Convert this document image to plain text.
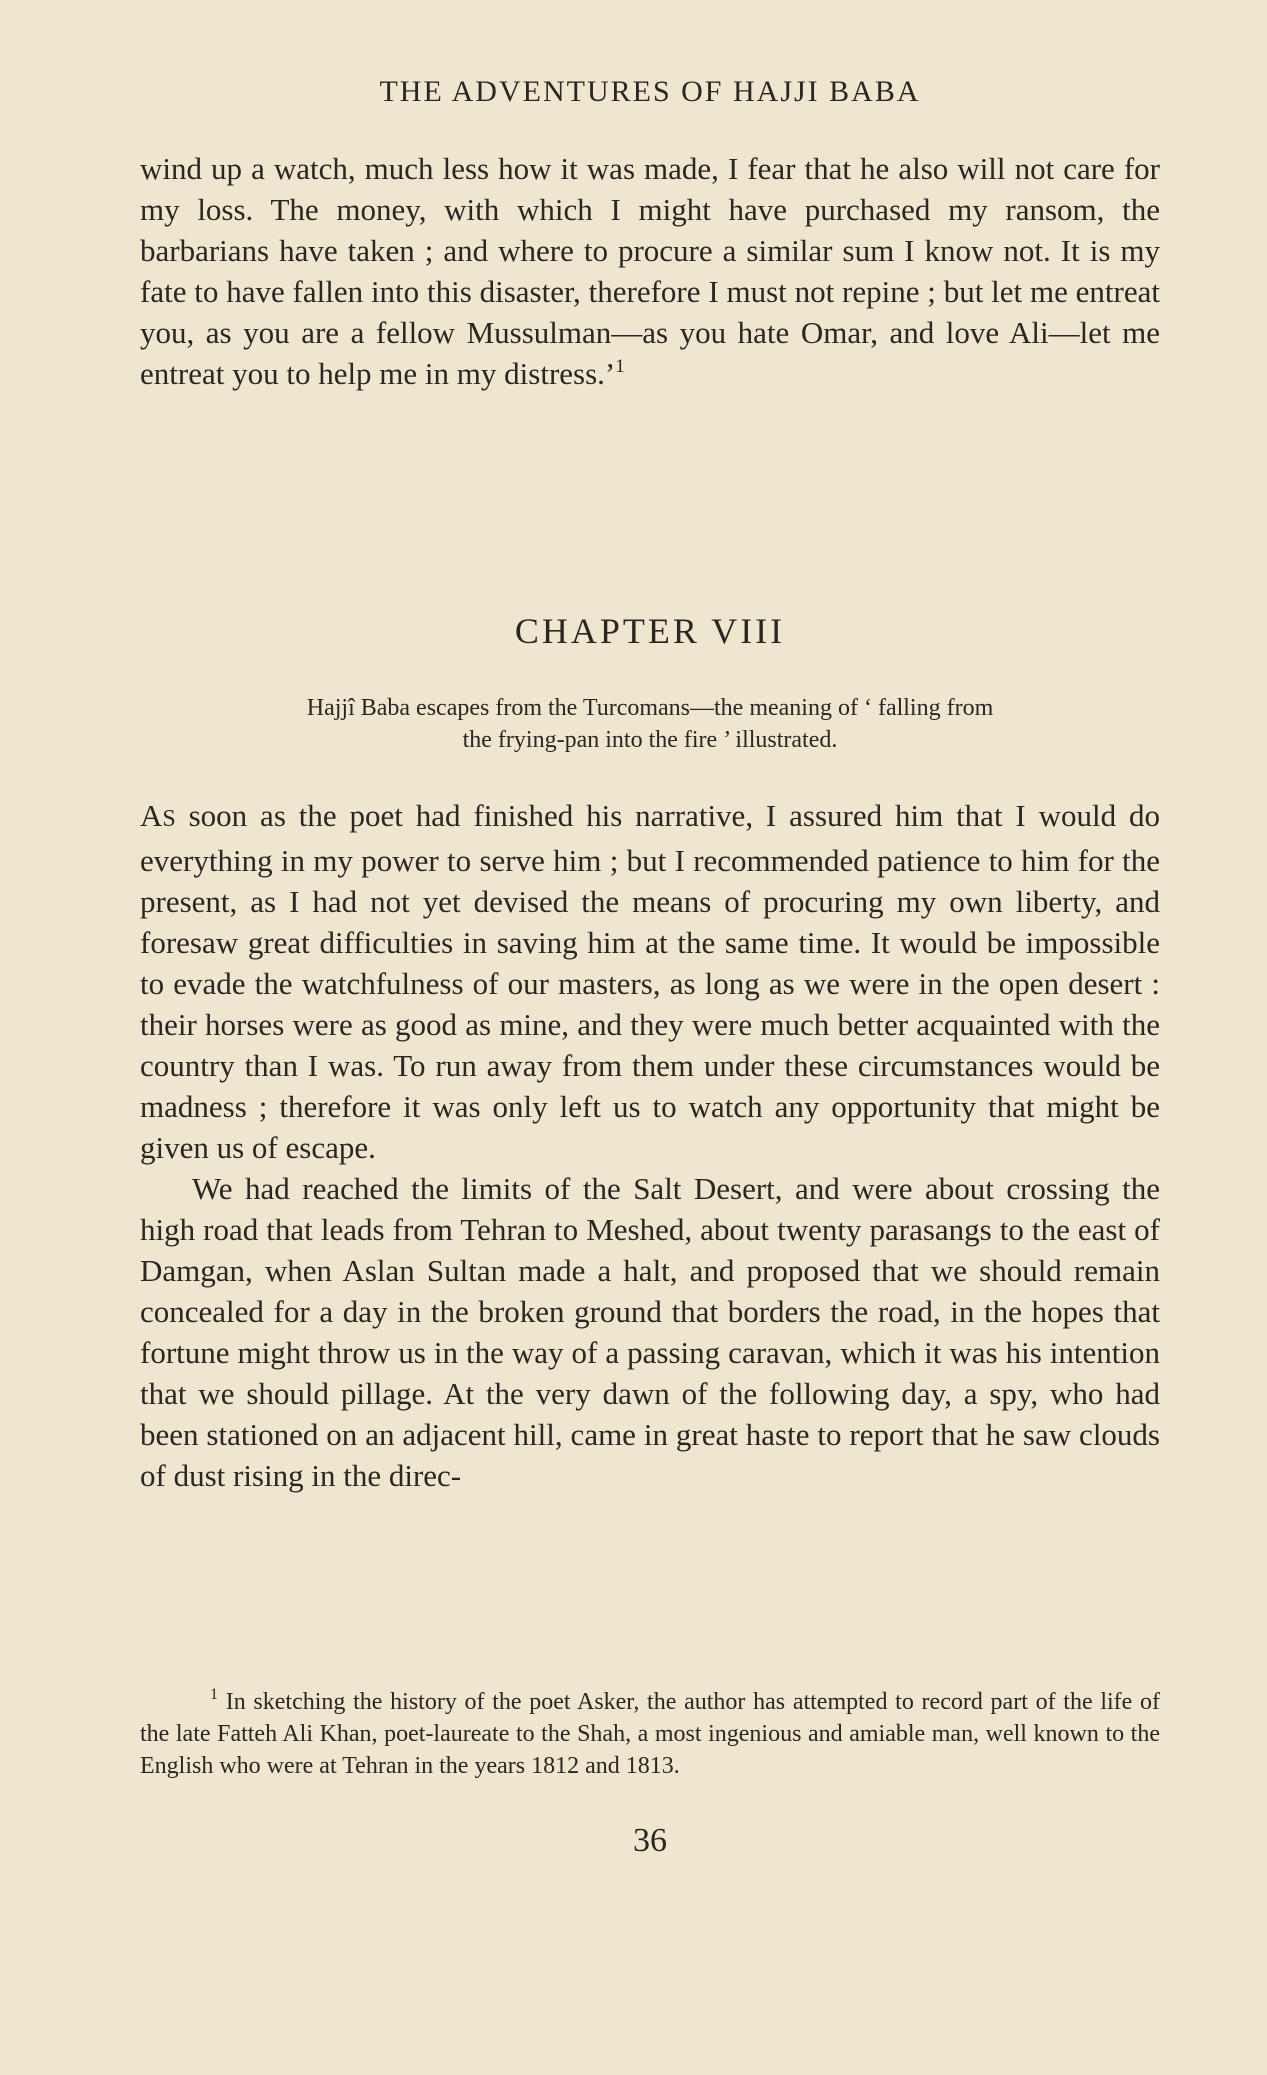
THE ADVENTURES OF HAJJI BABA

wind up a watch, much less how it was made, I fear that he also will not care for my loss. The money, with which I might have purchased my ransom, the barbarians have taken ; and where to procure a similar sum I know not. It is my fate to have fallen into this disaster, therefore I must not repine ; but let me entreat you, as you are a fellow Mussulman—as you hate Omar, and love Ali—let me entreat you to help me in my distress.’$^1$

CHAPTER VIII
Hajjî Baba escapes from the Turcomans—the meaning of ‘ falling from
the frying-pan into the fire ’ illustrated.

AS soon as the poet had finished his narrative, I assured him that I would do everything in my power to serve him ; but I recommended patience to him for the present, as I had not yet devised the means of procuring my own liberty, and foresaw great difficulties in saving him at the same time. It would be impossible to evade the watchfulness of our masters, as long as we were in the open desert : their horses were as good as mine, and they were much better acquainted with the country than I was. To run away from them under these circumstances would be madness ; therefore it was only left us to watch any opportunity that might be given us of escape.

We had reached the limits of the Salt Desert, and were about crossing the high road that leads from Tehran to Meshed, about twenty parasangs to the east of Damgan, when Aslan Sultan made a halt, and proposed that we should remain concealed for a day in the broken ground that borders the road, in the hopes that fortune might throw us in the way of a passing caravan, which it was his intention that we should pillage. At the very dawn of the following day, a spy, who had been stationed on an adjacent hill, came in great haste to report that he saw clouds of dust rising in the direc-

$^1$ In sketching the history of the poet Asker, the author has attempted to record part of the life of the late Fatteh Ali Khan, poet-laureate to the Shah, a most ingenious and amiable man, well known to the English who were at Tehran in the years 1812 and 1813.

36
